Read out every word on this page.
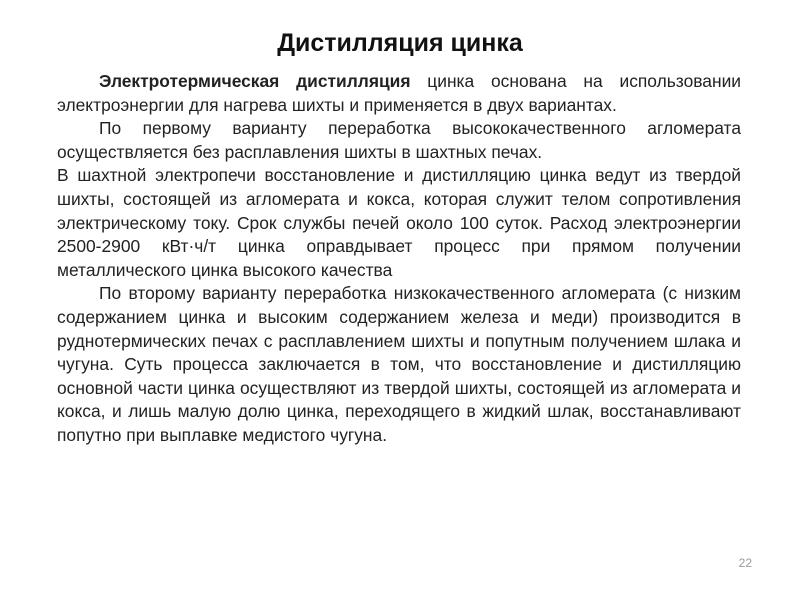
Дистилляция цинка

Электротермическая дистилляция цинка основана на использовании электроэнергии для нагрева шихты и применяется в двух вариантах.

По первому варианту переработка высококачественного агломерата осуществляется без расплавления шихты в шахтных печах.

В шахтной электропечи восстановление и дистилляцию цинка ведут из твердой шихты, состоящей из агломерата и кокса, которая служит телом сопротивления электрическому току. Срок службы печей около 100 суток. Расход электроэнергии 2500-2900 кВт·ч/т цинка оправдывает процесс при прямом получении металлического цинка высокого качества

По второму варианту переработка низкокачественного агломерата (с низким содержанием цинка и высоким содержанием железа и меди) производится в руднотермических печах с расплавлением шихты и попутным получением шлака и чугуна. Суть процесса заключается в том, что восстановление и дистилляцию основной части цинка осуществляют из твердой шихты, состоящей из агломерата и кокса, и лишь малую долю цинка, переходящего в жидкий шлак, восстанавливают попутно при выплавке медистого чугуна.

22
